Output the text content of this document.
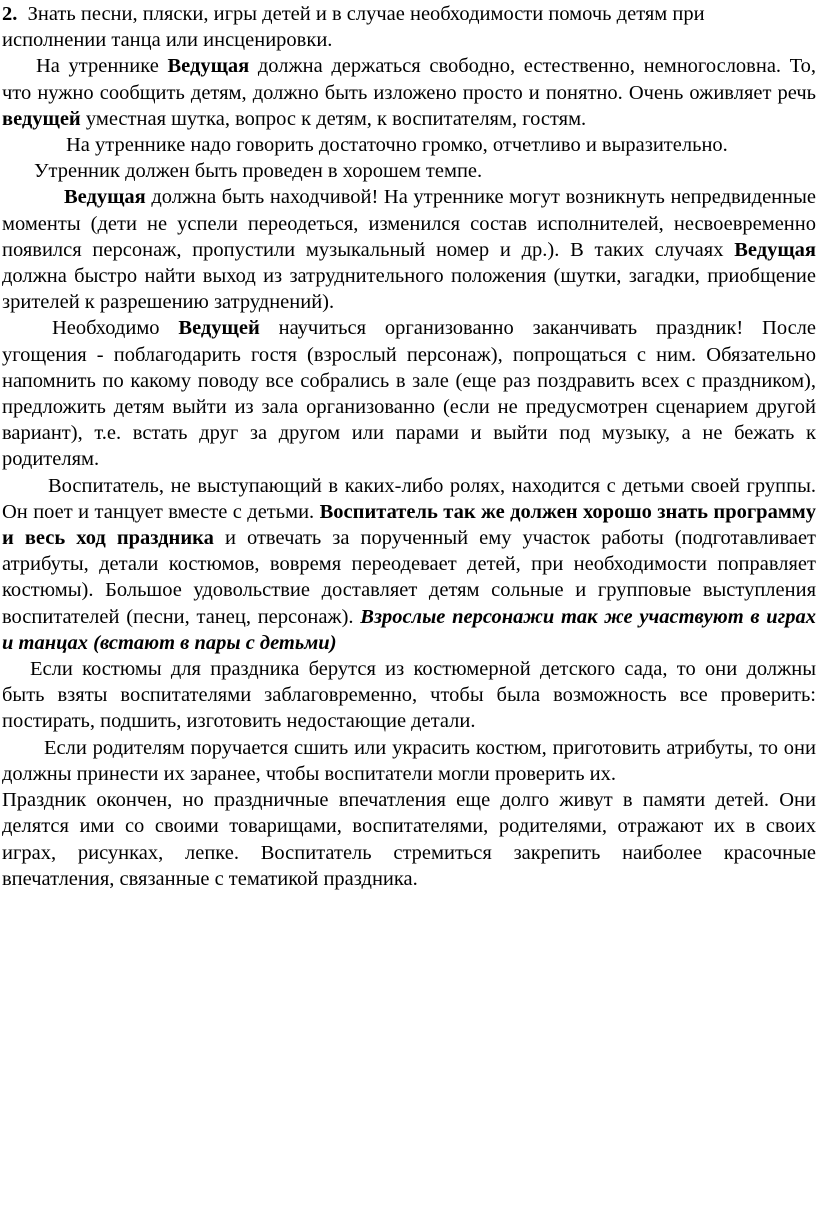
2. Знать песни, пляски, игры детей и в случае необходимости помочь детям при
исполнении танца или инсценировки.

На утреннике Ведущая должна держаться свободно, естественно, немногословна. То, что нужно сообщить детям, должно быть изложено просто и понятно. Очень оживляет речь ведущей уместная шутка, вопрос к детям, к воспитателям, гостям.

На утреннике надо говорить достаточно громко, отчетливо и выразительно.

Утренник должен быть проведен в хорошем темпе.

Ведущая должна быть находчивой! На утреннике могут возникнуть непредвиденные моменты (дети не успели переодеться, изменился состав исполнителей, несвоевременно появился персонаж, пропустили музыкальный номер и др.). В таких случаях Ведущая должна быстро найти выход из затруднительного положения (шутки, загадки, приобщение зрителей к разрешению затруднений).

Необходимо Ведущей научиться организованно заканчивать праздник! После угощения - поблагодарить гостя (взрослый персонаж), попрощаться с ним. Обязательно напомнить по какому поводу все собрались в зале (еще раз поздравить всех с праздником), предложить детям выйти из зала организованно (если не предусмотрен сценарием другой вариант), т.е. встать друг за другом или парами и выйти под музыку, а не бежать к родителям.

Воспитатель, не выступающий в каких-либо ролях, находится с детьми своей группы. Он поет и танцует вместе с детьми. Воспитатель так же должен хорошо знать программу и весь ход праздника и отвечать за порученный ему участок работы (подготавливает атрибуты, детали костюмов, вовремя переодевает детей, при необходимости поправляет костюмы). Большое удовольствие доставляет детям сольные и групповые выступления воспитателей (песни, танец, персонаж). Взрослые персонажи так же участвуют в играх и танцах (встают в пары с детьми)

Если костюмы для праздника берутся из костюмерной детского сада, то они должны быть взяты воспитателями заблаговременно, чтобы была возможность все проверить: постирать, подшить, изготовить недостающие детали.

Если родителям поручается сшить или украсить костюм, приготовить атрибуты, то они должны принести их заранее, чтобы воспитатели могли проверить их.

Праздник окончен, но праздничные впечатления еще долго живут в памяти детей. Они делятся ими со своими товарищами, воспитателями, родителями, отражают их в своих играх, рисунках, лепке. Воспитатель стремиться закрепить наиболее красочные впечатления, связанные с тематикой праздника.
